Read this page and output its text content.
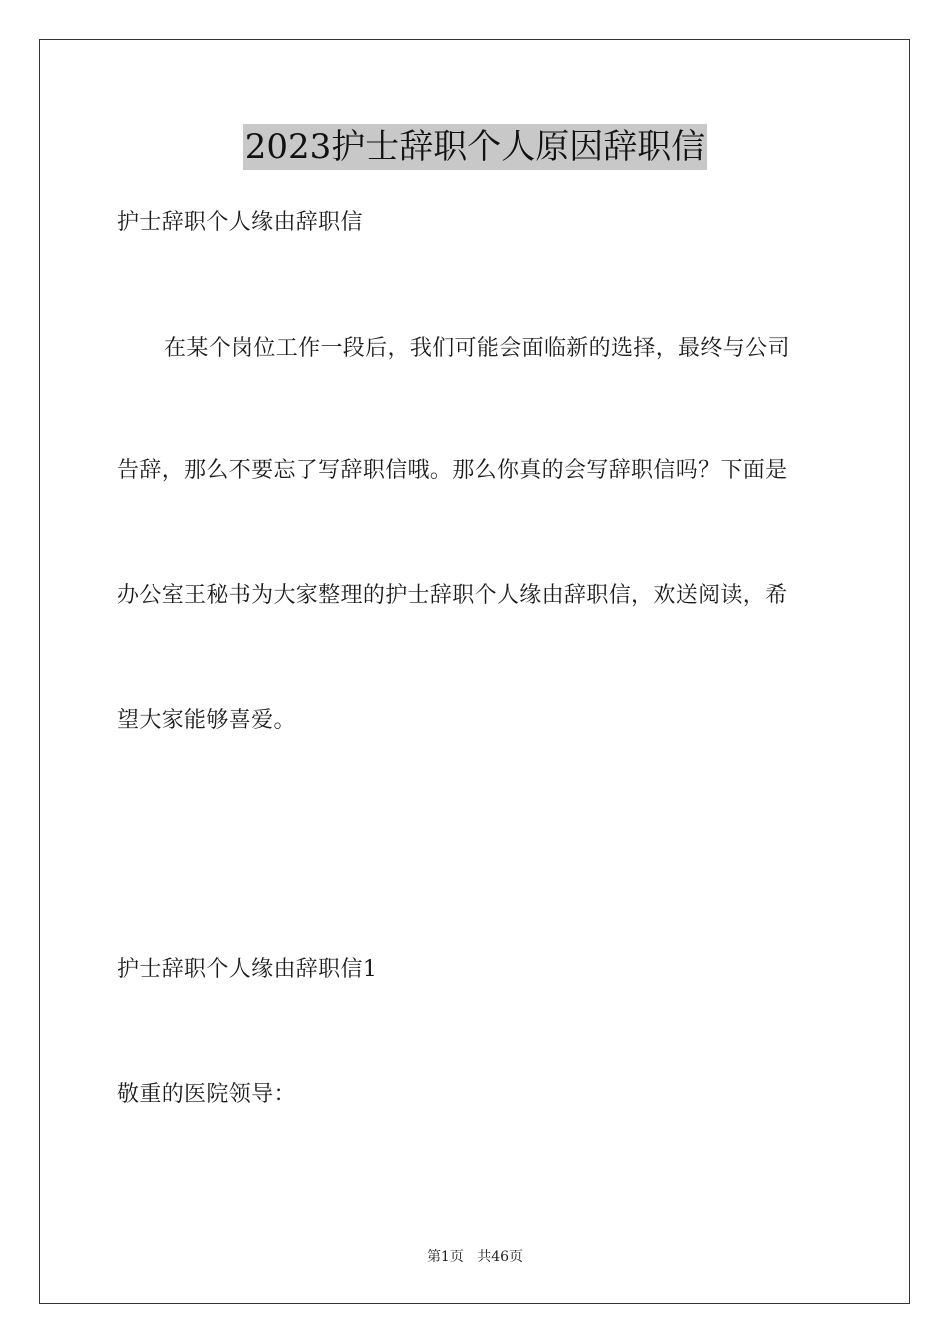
2023护士辞职个人原因辞职信
护士辞职个人缘由辞职信
在某个岗位工作一段后，我们可能会面临新的选择，最终与公司
告辞，那么不要忘了写辞职信哦。那么你真的会写辞职信吗？下面是
办公室王秘书为大家整理的护士辞职个人缘由辞职信，欢送阅读，希
望大家能够喜爱。
护士辞职个人缘由辞职信1
敬重的医院领导：
第1页 共46页
